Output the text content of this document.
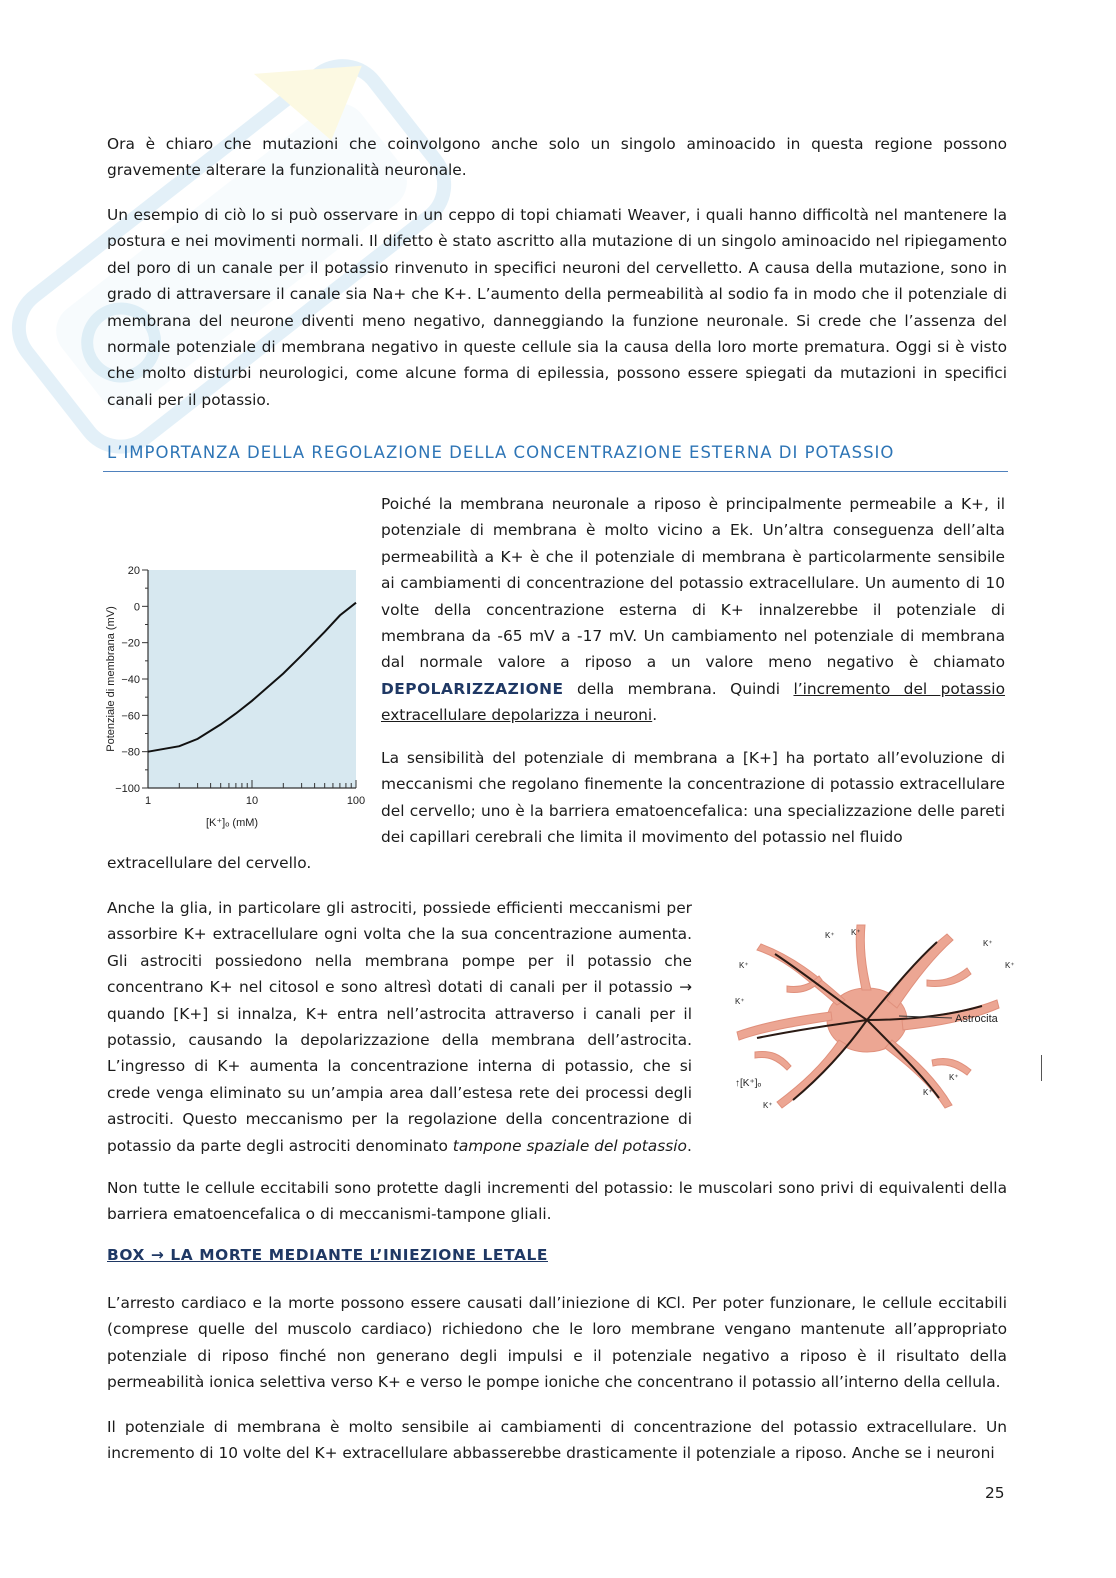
Ora è chiaro che mutazioni che coinvolgono anche solo un singolo aminoacido in questa regione possono gravemente alterare la funzionalità neuronale.

Un esempio di ciò lo si può osservare in un ceppo di topi chiamati Weaver, i quali hanno difficoltà nel mantenere la postura e nei movimenti normali. Il difetto è stato ascritto alla mutazione di un singolo aminoacido nel ripiegamento del poro di un canale per il potassio rinvenuto in specifici neuroni del cervelletto. A causa della mutazione, sono in grado di attraversare il canale sia Na+ che K+. L’aumento della permeabilità al sodio fa in modo che il potenziale di membrana del neurone diventi meno negativo, danneggiando la funzione neuronale. Si crede che l’assenza del normale potenziale di membrana negativo in queste cellule sia la causa della loro morte prematura. Oggi si è visto che molto disturbi neurologici, come alcune forma di epilessia, possono essere spiegati da mutazioni in specifici canali per il potassio.

L’IMPORTANZA DELLA REGOLAZIONE DELLA CONCENTRAZIONE ESTERNA DI POTASSIO

20
0
−20
−40
−60
−80
−100
1	10	100
[K⁺]ₒ (mM)
Potenziale di membrana (mV)

Poiché la membrana neuronale a riposo è principalmente permeabile a K+, il potenziale di membrana è molto vicino a Ek. Un’altra conseguenza dell’alta permeabilità a K+ è che il potenziale di membrana è particolarmente sensibile ai cambiamenti di concentrazione del potassio extracellulare. Un aumento di 10 volte della concentrazione esterna di K+ innalzerebbe il potenziale di membrana da -65 mV a -17 mV. Un cambiamento nel potenziale di membrana dal normale valore a riposo a un valore meno negativo è chiamato DEPOLARIZZAZIONE della membrana. Quindi l’incremento del potassio extracellulare depolarizza i neuroni.

La sensibilità del potenziale di membrana a [K+] ha portato all’evoluzione di meccanismi che regolano finemente la concentrazione di potassio extracellulare del cervello; uno è la barriera ematoencefalica: una specializzazione delle pareti dei capillari cerebrali che limita il movimento del potassio nel fluido

extracellulare del cervello.

Anche la glia, in particolare gli astrociti, possiede efficienti meccanismi per assorbire K+ extracellulare ogni volta che la sua concentrazione aumenta. Gli astrociti possiedono nella membrana pompe per il potassio che concentrano K+ nel citosol e sono altresì dotati di canali per il potassio → quando [K+] si innalza, K+ entra nell’astrocita attraverso i canali per il potassio, causando la depolarizzazione della membrana dell’astrocita. L’ingresso di K+ aumenta la concentrazione interna di potassio, che si crede venga eliminato su un’ampia area dall’estesa rete dei processi degli astrociti. Questo meccanismo per la regolazione della concentrazione di potassio da parte degli astrociti denominato tampone spaziale del potassio.

Astrocita
K⁺ K⁺
K⁺
K⁺
K⁺
K⁺
K⁺
K⁺
K⁺
↑[K⁺]ₒ

Non tutte le cellule eccitabili sono protette dagli incrementi del potassio: le muscolari sono privi di equivalenti della barriera ematoencefalica o di meccanismi-tampone gliali.

BOX → LA MORTE MEDIANTE L’INIEZIONE LETALE

L’arresto cardiaco e la morte possono essere causati dall’iniezione di KCl. Per poter funzionare, le cellule eccitabili (comprese quelle del muscolo cardiaco) richiedono che le loro membrane vengano mantenute all’appropriato potenziale di riposo finché non generano degli impulsi e il potenziale negativo a riposo è il risultato della permeabilità ionica selettiva verso K+ e verso le pompe ioniche che concentrano il potassio all’interno della cellula.

Il potenziale di membrana è molto sensibile ai cambiamenti di concentrazione del potassio extracellulare. Un incremento di 10 volte del K+ extracellulare abbasserebbe drasticamente il potenziale a riposo. Anche se i neuroni

25
